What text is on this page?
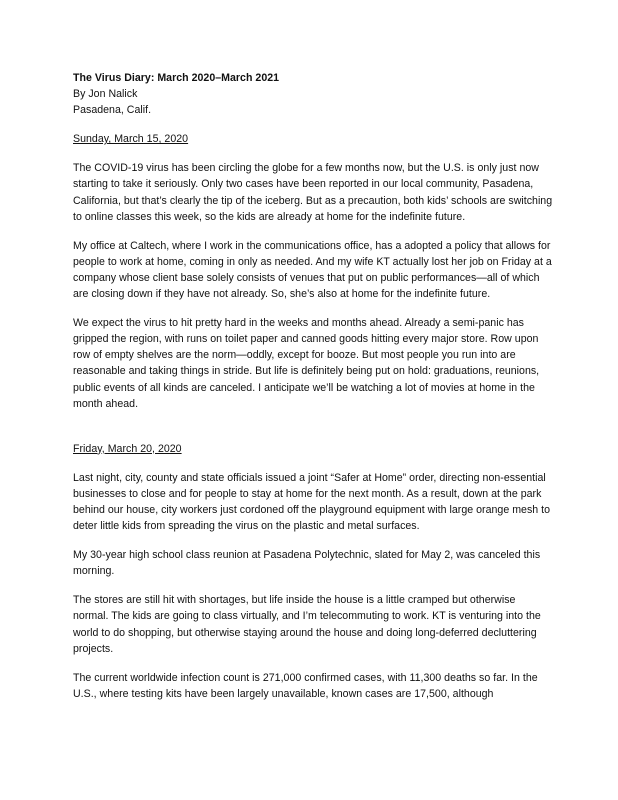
The Virus Diary: March 2020–March 2021
By Jon Nalick
Pasadena, Calif.
Sunday, March 15, 2020

The COVID-19 virus has been circling the globe for a few months now, but the U.S. is only just now starting to take it seriously. Only two cases have been reported in our local community, Pasadena, California, but that’s clearly the tip of the iceberg. But as a precaution, both kids’ schools are switching to online classes this week, so the kids are already at home for the indefinite future.

My office at Caltech, where I work in the communications office, has a adopted a policy that allows for people to work at home, coming in only as needed. And my wife KT actually lost her job on Friday at a company whose client base solely consists of venues that put on public performances—all of which are closing down if they have not already. So, she’s also at home for the indefinite future.

We expect the virus to hit pretty hard in the weeks and months ahead. Already a semi-panic has gripped the region, with runs on toilet paper and canned goods hitting every major store. Row upon row of empty shelves are the norm—oddly, except for booze. But most people you run into are reasonable and taking things in stride. But life is definitely being put on hold: graduations, reunions, public events of all kinds are canceled. I anticipate we’ll be watching a lot of movies at home in the month ahead.

Friday, March 20, 2020

Last night, city, county and state officials issued a joint “Safer at Home” order, directing non-essential businesses to close and for people to stay at home for the next month. As a result, down at the park behind our house, city workers just cordoned off the playground equipment with large orange mesh to deter little kids from spreading the virus on the plastic and metal surfaces.

My 30-year high school class reunion at Pasadena Polytechnic, slated for May 2, was canceled this morning.

The stores are still hit with shortages, but life inside the house is a little cramped but otherwise normal. The kids are going to class virtually, and I’m telecommuting to work. KT is venturing into the world to do shopping, but otherwise staying around the house and doing long-deferred decluttering projects.

The current worldwide infection count is 271,000 confirmed cases, with 11,300 deaths so far. In the U.S., where testing kits have been largely unavailable, known cases are 17,500, although
